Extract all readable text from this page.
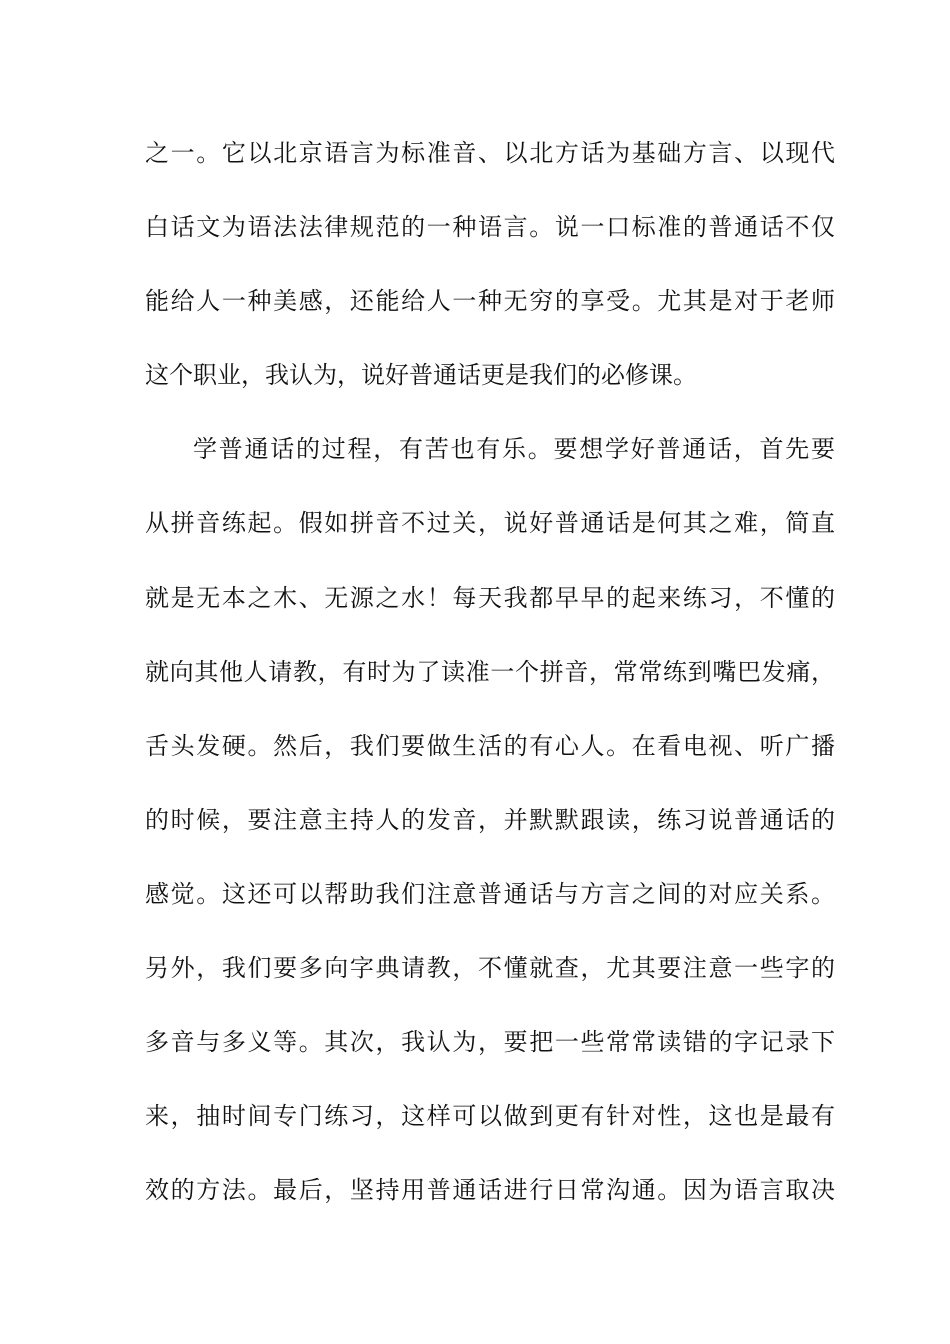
之一。它以北京语言为标准音、以北方话为基础方言、以现代
白话文为语法法律规范的一种语言。说一口标准的普通话不仅
能给人一种美感，还能给人一种无穷的享受。尤其是对于老师
这个职业，我认为，说好普通话更是我们的必修课。
学普通话的过程，有苦也有乐。要想学好普通话，首先要
从拼音练起。假如拼音不过关，说好普通话是何其之难，简直
就是无本之木、无源之水！每天我都早早的起来练习，不懂的
就向其他人请教，有时为了读准一个拼音，常常练到嘴巴发痛，
舌头发硬。然后，我们要做生活的有心人。在看电视、听广播
的时候，要注意主持人的发音，并默默跟读，练习说普通话的
感觉。这还可以帮助我们注意普通话与方言之间的对应关系。
另外，我们要多向字典请教，不懂就查，尤其要注意一些字的
多音与多义等。其次，我认为，要把一些常常读错的字记录下
来，抽时间专门练习，这样可以做到更有针对性，这也是最有
效的方法。最后，坚持用普通话进行日常沟通。因为语言取决
